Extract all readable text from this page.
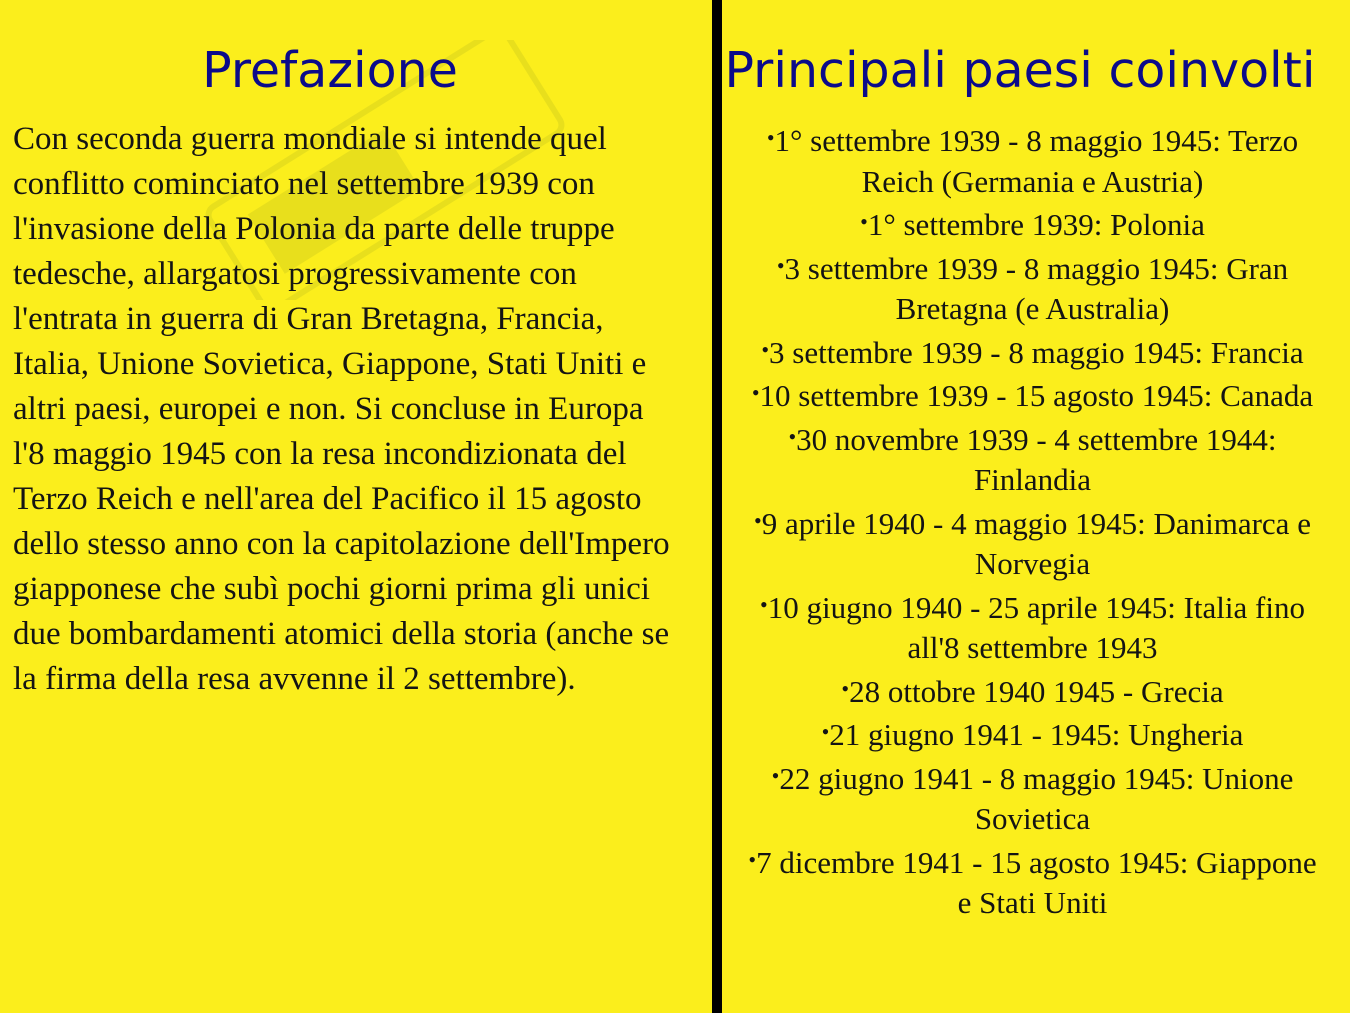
Prefazione

Con seconda guerra mondiale si intende quel conflitto cominciato nel settembre 1939 con l'invasione della Polonia da parte delle truppe tedesche, allargatosi progressivamente con l'entrata in guerra di Gran Bretagna, Francia, Italia, Unione Sovietica, Giappone, Stati Uniti e altri paesi, europei e non. Si concluse in Europa l'8 maggio 1945 con la resa incondizionata del Terzo Reich e nell'area del Pacifico il 15 agosto dello stesso anno con la capitolazione dell'Impero giapponese che subì pochi giorni prima gli unici due bombardamenti atomici della storia (anche se la firma della resa avvenne il 2 settembre).

Principali paesi coinvolti
•1° settembre 1939 - 8 maggio 1945: Terzo Reich (Germania e Austria)
•1° settembre 1939: Polonia
•3 settembre 1939 - 8 maggio 1945: Gran Bretagna (e Australia)
•3 settembre 1939 - 8 maggio 1945: Francia
•10 settembre 1939 - 15 agosto 1945: Canada
•30 novembre 1939 - 4 settembre 1944: Finlandia
•9 aprile 1940 - 4 maggio 1945: Danimarca e Norvegia
•10 giugno 1940 - 25 aprile 1945: Italia fino all'8 settembre 1943
•28 ottobre 1940 1945 - Grecia
•21 giugno 1941 - 1945: Ungheria
•22 giugno 1941 - 8 maggio 1945: Unione Sovietica
•7 dicembre 1941 - 15 agosto 1945: Giappone e Stati Uniti
